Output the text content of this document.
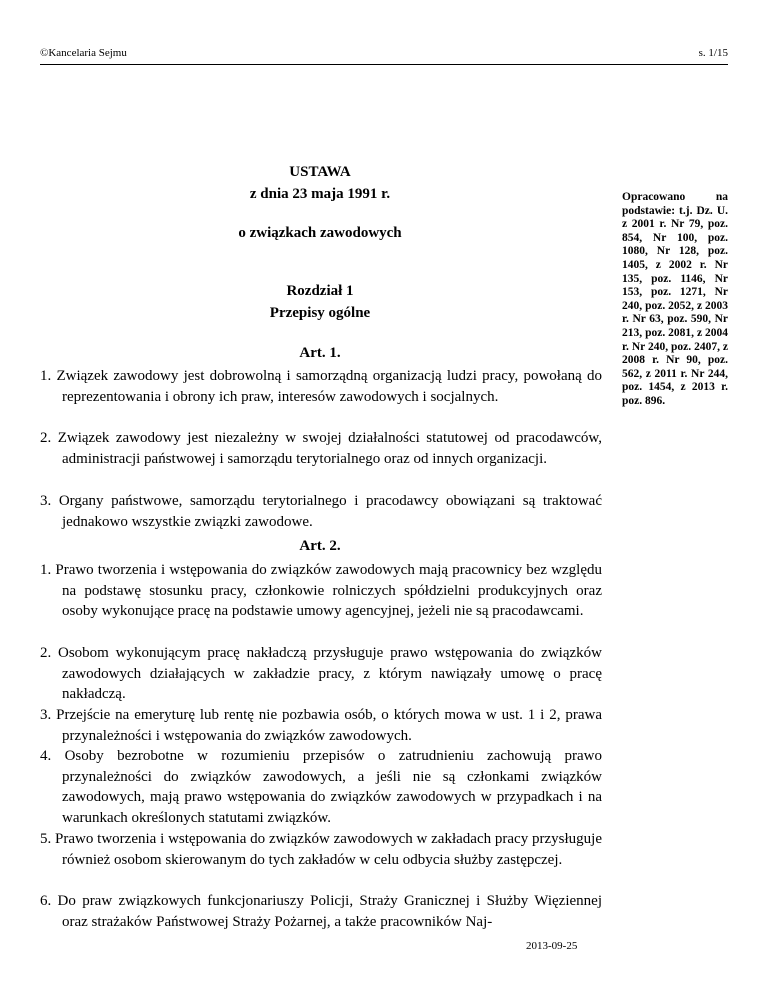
©Kancelaria Sejmu	s. 1/15
USTAWA
z dnia 23 maja 1991 r.
o związkach zawodowych
Rozdział 1
Przepisy ogólne
Opracowano na podstawie: t.j. Dz. U. z 2001 r. Nr 79, poz. 854, Nr 100, poz. 1080, Nr 128, poz. 1405, z 2002 r. Nr 135, poz. 1146, Nr 153, poz. 1271, Nr 240, poz. 2052, z 2003 r. Nr 63, poz. 590, Nr 213, poz. 2081, z 2004 r. Nr 240, poz. 2407, z 2008 r. Nr 90, poz. 562, z 2011 r. Nr 244, poz. 1454, z 2013 r. poz. 896.
Art. 1.
1. Związek zawodowy jest dobrowolną i samorządną organizacją ludzi pracy, powołaną do reprezentowania i obrony ich praw, interesów zawodowych i socjalnych.
2. Związek zawodowy jest niezależny w swojej działalności statutowej od pracodawców, administracji państwowej i samorządu terytorialnego oraz od innych organizacji.
3. Organy państwowe, samorządu terytorialnego i pracodawcy obowiązani są traktować jednakowo wszystkie związki zawodowe.
Art. 2.
1. Prawo tworzenia i wstępowania do związków zawodowych mają pracownicy bez względu na podstawę stosunku pracy, członkowie rolniczych spółdzielni produkcyjnych oraz osoby wykonujące pracę na podstawie umowy agencyjnej, jeżeli nie są pracodawcami.
2. Osobom wykonującym pracę nakładczą przysługuje prawo wstępowania do związków zawodowych działających w zakładzie pracy, z którym nawiązały umowę o pracę nakładczą.
3. Przejście na emeryturę lub rentę nie pozbawia osób, o których mowa w ust. 1 i 2, prawa przynależności i wstępowania do związków zawodowych.
4. Osoby bezrobotne w rozumieniu przepisów o zatrudnieniu zachowują prawo przynależności do związków zawodowych, a jeśli nie są członkami związków zawodowych, mają prawo wstępowania do związków zawodowych w przypadkach i na warunkach określonych statutami związków.
5. Prawo tworzenia i wstępowania do związków zawodowych w zakładach pracy przysługuje również osobom skierowanym do tych zakładów w celu odbycia służby zastępczej.
6. Do praw związkowych funkcjonariuszy Policji, Straży Granicznej i Służby Więziennej oraz strażaków Państwowej Straży Pożarnej, a także pracowników Naj-
2013-09-25
